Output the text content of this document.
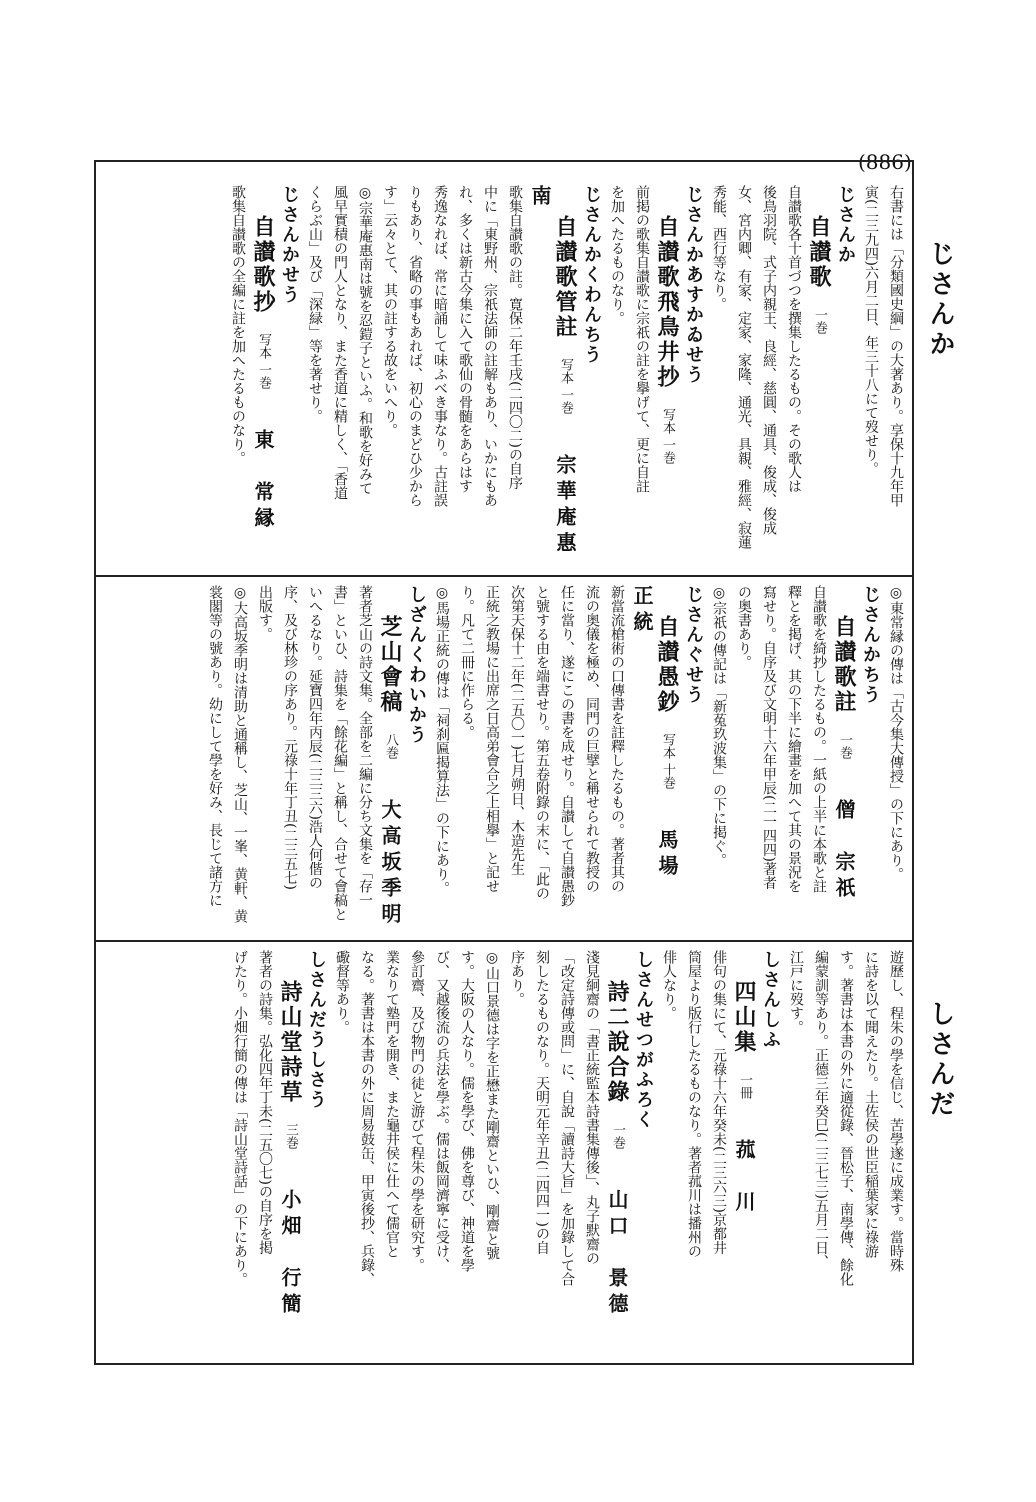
(886)
じさんか
しさんだ
右書には「分類國史綱」の大著あり。享保十九年甲
寅(二三九四)六月二日、年三十八にて歿せり。
じさんか
自讃歌一巻
自讃歌各十首づつを撰集したるもの。その歌人は
後鳥羽院、式子内親王、良經、慈圓、通具、俊成、俊成
女、宮内卿、有家、定家、家隆、通光、具親、雅經、寂蓮
秀能、西行等なり。
じさんかあすかゐせう
自讃歌飛鳥井抄写本 一巻
前掲の歌集自讃歌に宗祇の註を擧げて、更に自註
を加へたるものなり。
じさんかくわんちう
自讃歌管註写本 一巻宗華庵惠南
歌集自讃歌の註。寛保二年壬戌(二四〇二)の自序
中に「東野州、宗祇法師の註解もあり、いかにもあ
れ、多くは新古今集に入て歌仙の骨髄をあらはす
秀逸なれば、常に暗誦して味ふべき事なり。古註誤
りもあり、省略の事もあれば、初心のまどひ少から
す」云々とて、其の註する故をいへり。
◎宗華庵惠南は號を忍鎧子といふ。和歌を好みて
風早實積の門人となり、また香道に精しく、「香道
くらぶ山」及び「深緑」等を著せり。
じさんかせう
自讃歌抄写本 一巻東　常縁
歌集自讃歌の全編に註を加へたるものなり。
◎東常縁の傳は「古今集大傳授」の下にあり。
じさんかちう
自讃歌註一巻僧　宗祇
自讃歌を綺抄したるもの。一紙の上半に本歌と註
釋とを掲げ、其の下半に繪畫を加へて其の景況を
寫せり。自序及び文明十六年甲辰(二一四四)著者
の奥書あり。
◎宗祇の傳記は「新菟玖波集」の下に掲ぐ。
じさんぐせう
自讃愚鈔写本 十巻馬場　正統
新當流槍術の口傳書を註釋したるもの。著者其の
流の奥儀を極め、同門の巨擘と稱せられて教授の
任に當り、遂にこの書を成せり。自讃して自讃愚鈔
と號する由を端書せり。第五卷附錄の末に、「此の
次第天保十二年(二五〇一)七月朔日、木造先生
正統之教場に出席之日高弟會合之上相擧」と記せ
り。凡て二冊に作らる。
◎馬場正統の傳は「祠刹匾揭算法」の下にあり。
しざんくわいかう
芝山會稿八巻大高坂季明
著者芝山の詩文集。全部を二編に分ち文集を「存一
書」といひ、詩集を「餘花編」と稱し、合せて會稿と
いへるなり。延寶四年丙辰(二三三六)浩人何偕の
序、及び林珍の序あり。元祿十年丁丑(二三五七)
出版す。
◎大高坂季明は清助と通稱し、芝山、一峯、黄軒、黄
裳閣等の號あり。幼にして學を好み、長じて諸方に
遊歷し、程朱の學を信じ、苦學遂に成業す。當時殊
に詩を以て聞えたり。土佐侯の世臣稲葉家に祿游
す。著書は本書の外に適從錄、晉松子、南學傳、餘化
編蒙訓等あり。正德三年癸巳(二三七三)五月二日、
江戸に歿す。
しさんしふ
四山集一冊菰　川
俳句の集にて、元祿十六年癸未(二三六三)京都井
筒屋より版行したるものなり。著者菰川は播州の
俳人なり。
しさんせつがふろく
詩二說合錄一巻山口　景德
淺見絅齋の「書正統監本詩書集傳後」、丸子默齋の
「改定詩傳或問」に、自說「讀詩大旨」を加錄して合
刻したるものなり。天明元年辛丑(二四四一)の自
序あり。
◎山口景德は字を正懋また剛齋といひ、剛齋と號
す。大阪の人なり。儒を學び、佛を尊び、神道を學
び、又越後流の兵法を學ぶ。儒は飯岡濟寧に受け、
參訂齋、及び物門の徒と游びて程朱の學を研究す。
業なりて塾門を開き、また龜井侯に仕へて儒官と
なる。著書は本書の外に周易鼓缶、甲寅後抄、兵錄、
礮督等あり。
しさんだうしさう
詩山堂詩草三巻小畑　行簡
著者の詩集。弘化四年丁未(二五〇七)の自序を掲
げたり。小畑行簡の傳は「詩山堂詩話」の下にあり。
